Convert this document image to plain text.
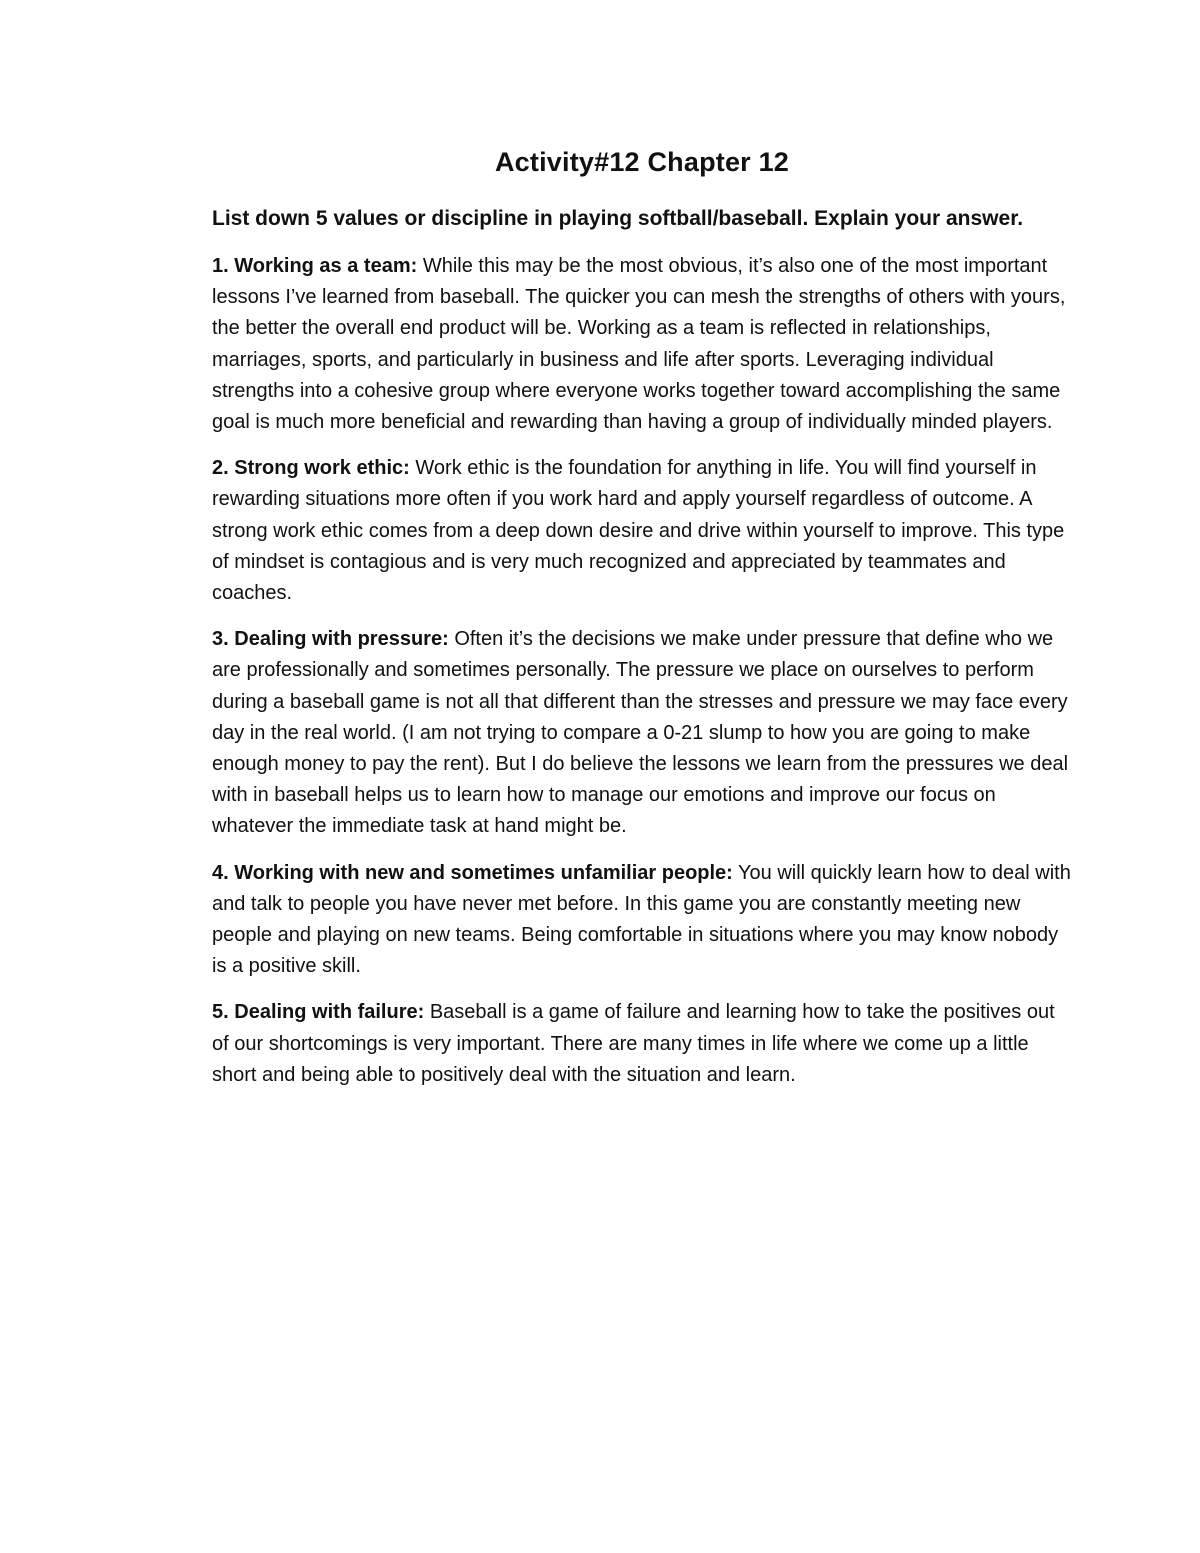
Activity#12 Chapter 12

List down 5 values or discipline in playing softball/baseball. Explain your answer.

1. Working as a team: While this may be the most obvious, it’s also one of the most important lessons I’ve learned from baseball. The quicker you can mesh the strengths of others with yours, the better the overall end product will be. Working as a team is reflected in relationships, marriages, sports, and particularly in business and life after sports. Leveraging individual strengths into a cohesive group where everyone works together toward accomplishing the same goal is much more beneficial and rewarding than having a group of individually minded players.

2. Strong work ethic: Work ethic is the foundation for anything in life. You will find yourself in rewarding situations more often if you work hard and apply yourself regardless of outcome. A strong work ethic comes from a deep down desire and drive within yourself to improve. This type of mindset is contagious and is very much recognized and appreciated by teammates and coaches.

3. Dealing with pressure: Often it’s the decisions we make under pressure that define who we are professionally and sometimes personally. The pressure we place on ourselves to perform during a baseball game is not all that different than the stresses and pressure we may face every day in the real world. (I am not trying to compare a 0-21 slump to how you are going to make enough money to pay the rent). But I do believe the lessons we learn from the pressures we deal with in baseball helps us to learn how to manage our emotions and improve our focus on whatever the immediate task at hand might be.

4. Working with new and sometimes unfamiliar people: You will quickly learn how to deal with and talk to people you have never met before. In this game you are constantly meeting new people and playing on new teams. Being comfortable in situations where you may know nobody is a positive skill.

5. Dealing with failure: Baseball is a game of failure and learning how to take the positives out of our shortcomings is very important. There are many times in life where we come up a little short and being able to positively deal with the situation and learn.
